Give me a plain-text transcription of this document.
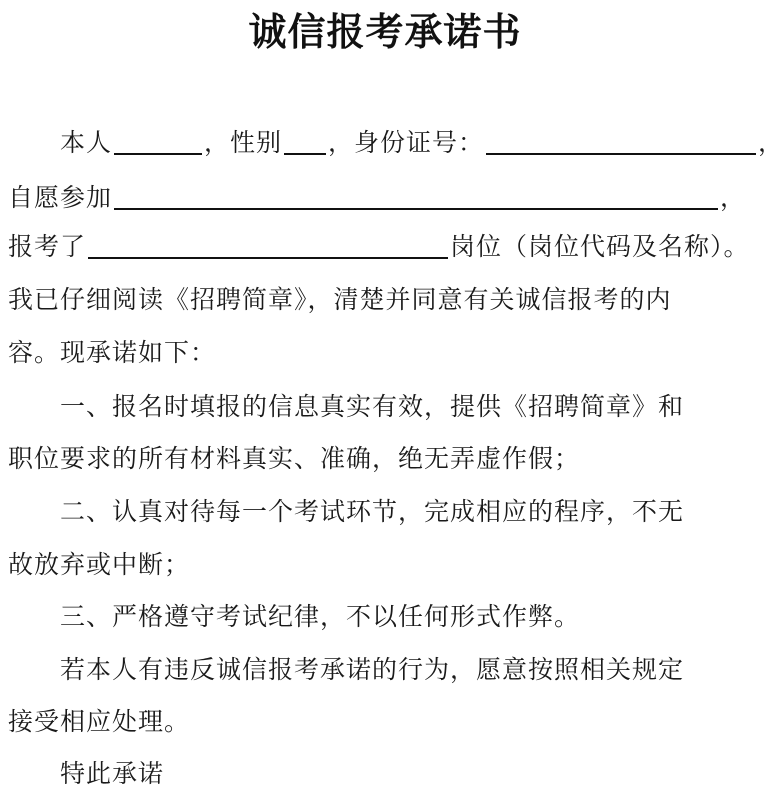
诚信报考承诺书
本人	，性别 ，身份证号：	，
自愿参加	，
报考了	岗位（岗位代码及名称）。
我已仔细阅读《招聘简章》，清楚并同意有关诚信报考的内
容。现承诺如下：
一、报名时填报的信息真实有效，提供《招聘简章》和
职位要求的所有材料真实、准确，绝无弄虚作假；
二、认真对待每一个考试环节，完成相应的程序，不无
故放弃或中断；
三、严格遵守考试纪律，不以任何形式作弊。
若本人有违反诚信报考承诺的行为，愿意按照相关规定
接受相应处理。
特此承诺
